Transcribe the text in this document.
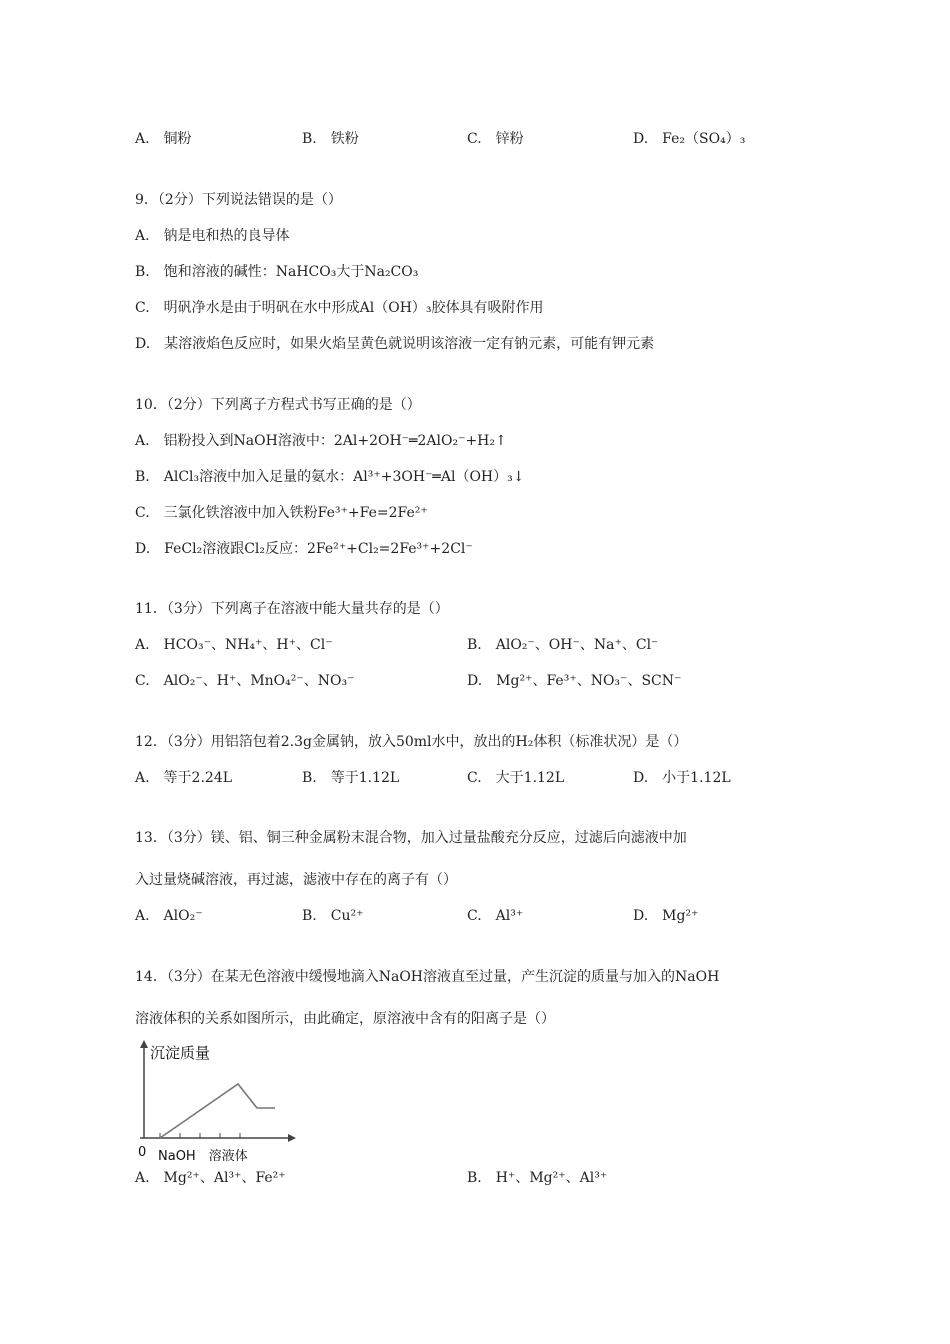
A.　铜粉	B.　铁粉	C.　锌粉	D.　Fe₂（SO₄）₃
9．（2分）下列说法错误的是（）
A.　钠是电和热的良导体
B.　饱和溶液的碱性：NaHCO₃大于Na₂CO₃
C.　明矾净水是由于明矾在水中形成Al（OH）₃胶体具有吸附作用
D.　某溶液焰色反应时，如果火焰呈黄色就说明该溶液一定有钠元素，可能有钾元素
10．（2分）下列离子方程式书写正确的是（）
A.　铝粉投入到NaOH溶液中：2Al+2OH⁻═2AlO₂⁻+H₂↑
B.　AlCl₃溶液中加入足量的氨水：Al³⁺+3OH⁻═Al（OH）₃↓
C.　三氯化铁溶液中加入铁粉Fe³⁺+Fe=2Fe²⁺
D.　FeCl₂溶液跟Cl₂反应：2Fe²⁺+Cl₂=2Fe³⁺+2Cl⁻
11．（3分）下列离子在溶液中能大量共存的是（）
A.　HCO₃⁻、NH₄⁺、H⁺、Cl⁻	B.　AlO₂⁻、OH⁻、Na⁺、Cl⁻
C.　AlO₂⁻、H⁺、MnO₄²⁻、NO₃⁻	D.　Mg²⁺、Fe³⁺、NO₃⁻、SCN⁻
12．（3分）用铝箔包着2.3g金属钠，放入50ml水中，放出的H₂体积（标准状况）是（）
A.　等于2.24L	B.　等于1.12L	C.　大于1.12L	D.　小于1.12L
13．（3分）镁、铝、铜三种金属粉末混合物，加入过量盐酸充分反应，过滤后向滤液中加
入过量烧碱溶液，再过滤，滤液中存在的离子有（）
A.　AlO₂⁻	B.　Cu²⁺	C.　Al³⁺	D.　Mg²⁺
14．（3分）在某无色溶液中缓慢地滴入NaOH溶液直至过量，产生沉淀的质量与加入的NaOH
溶液体积的关系如图所示，由此确定，原溶液中含有的阳离子是（）
沉淀质量
0 NaOH　溶液体
A.　Mg²⁺、Al³⁺、Fe²⁺	B.　H⁺、Mg²⁺、Al³⁺
